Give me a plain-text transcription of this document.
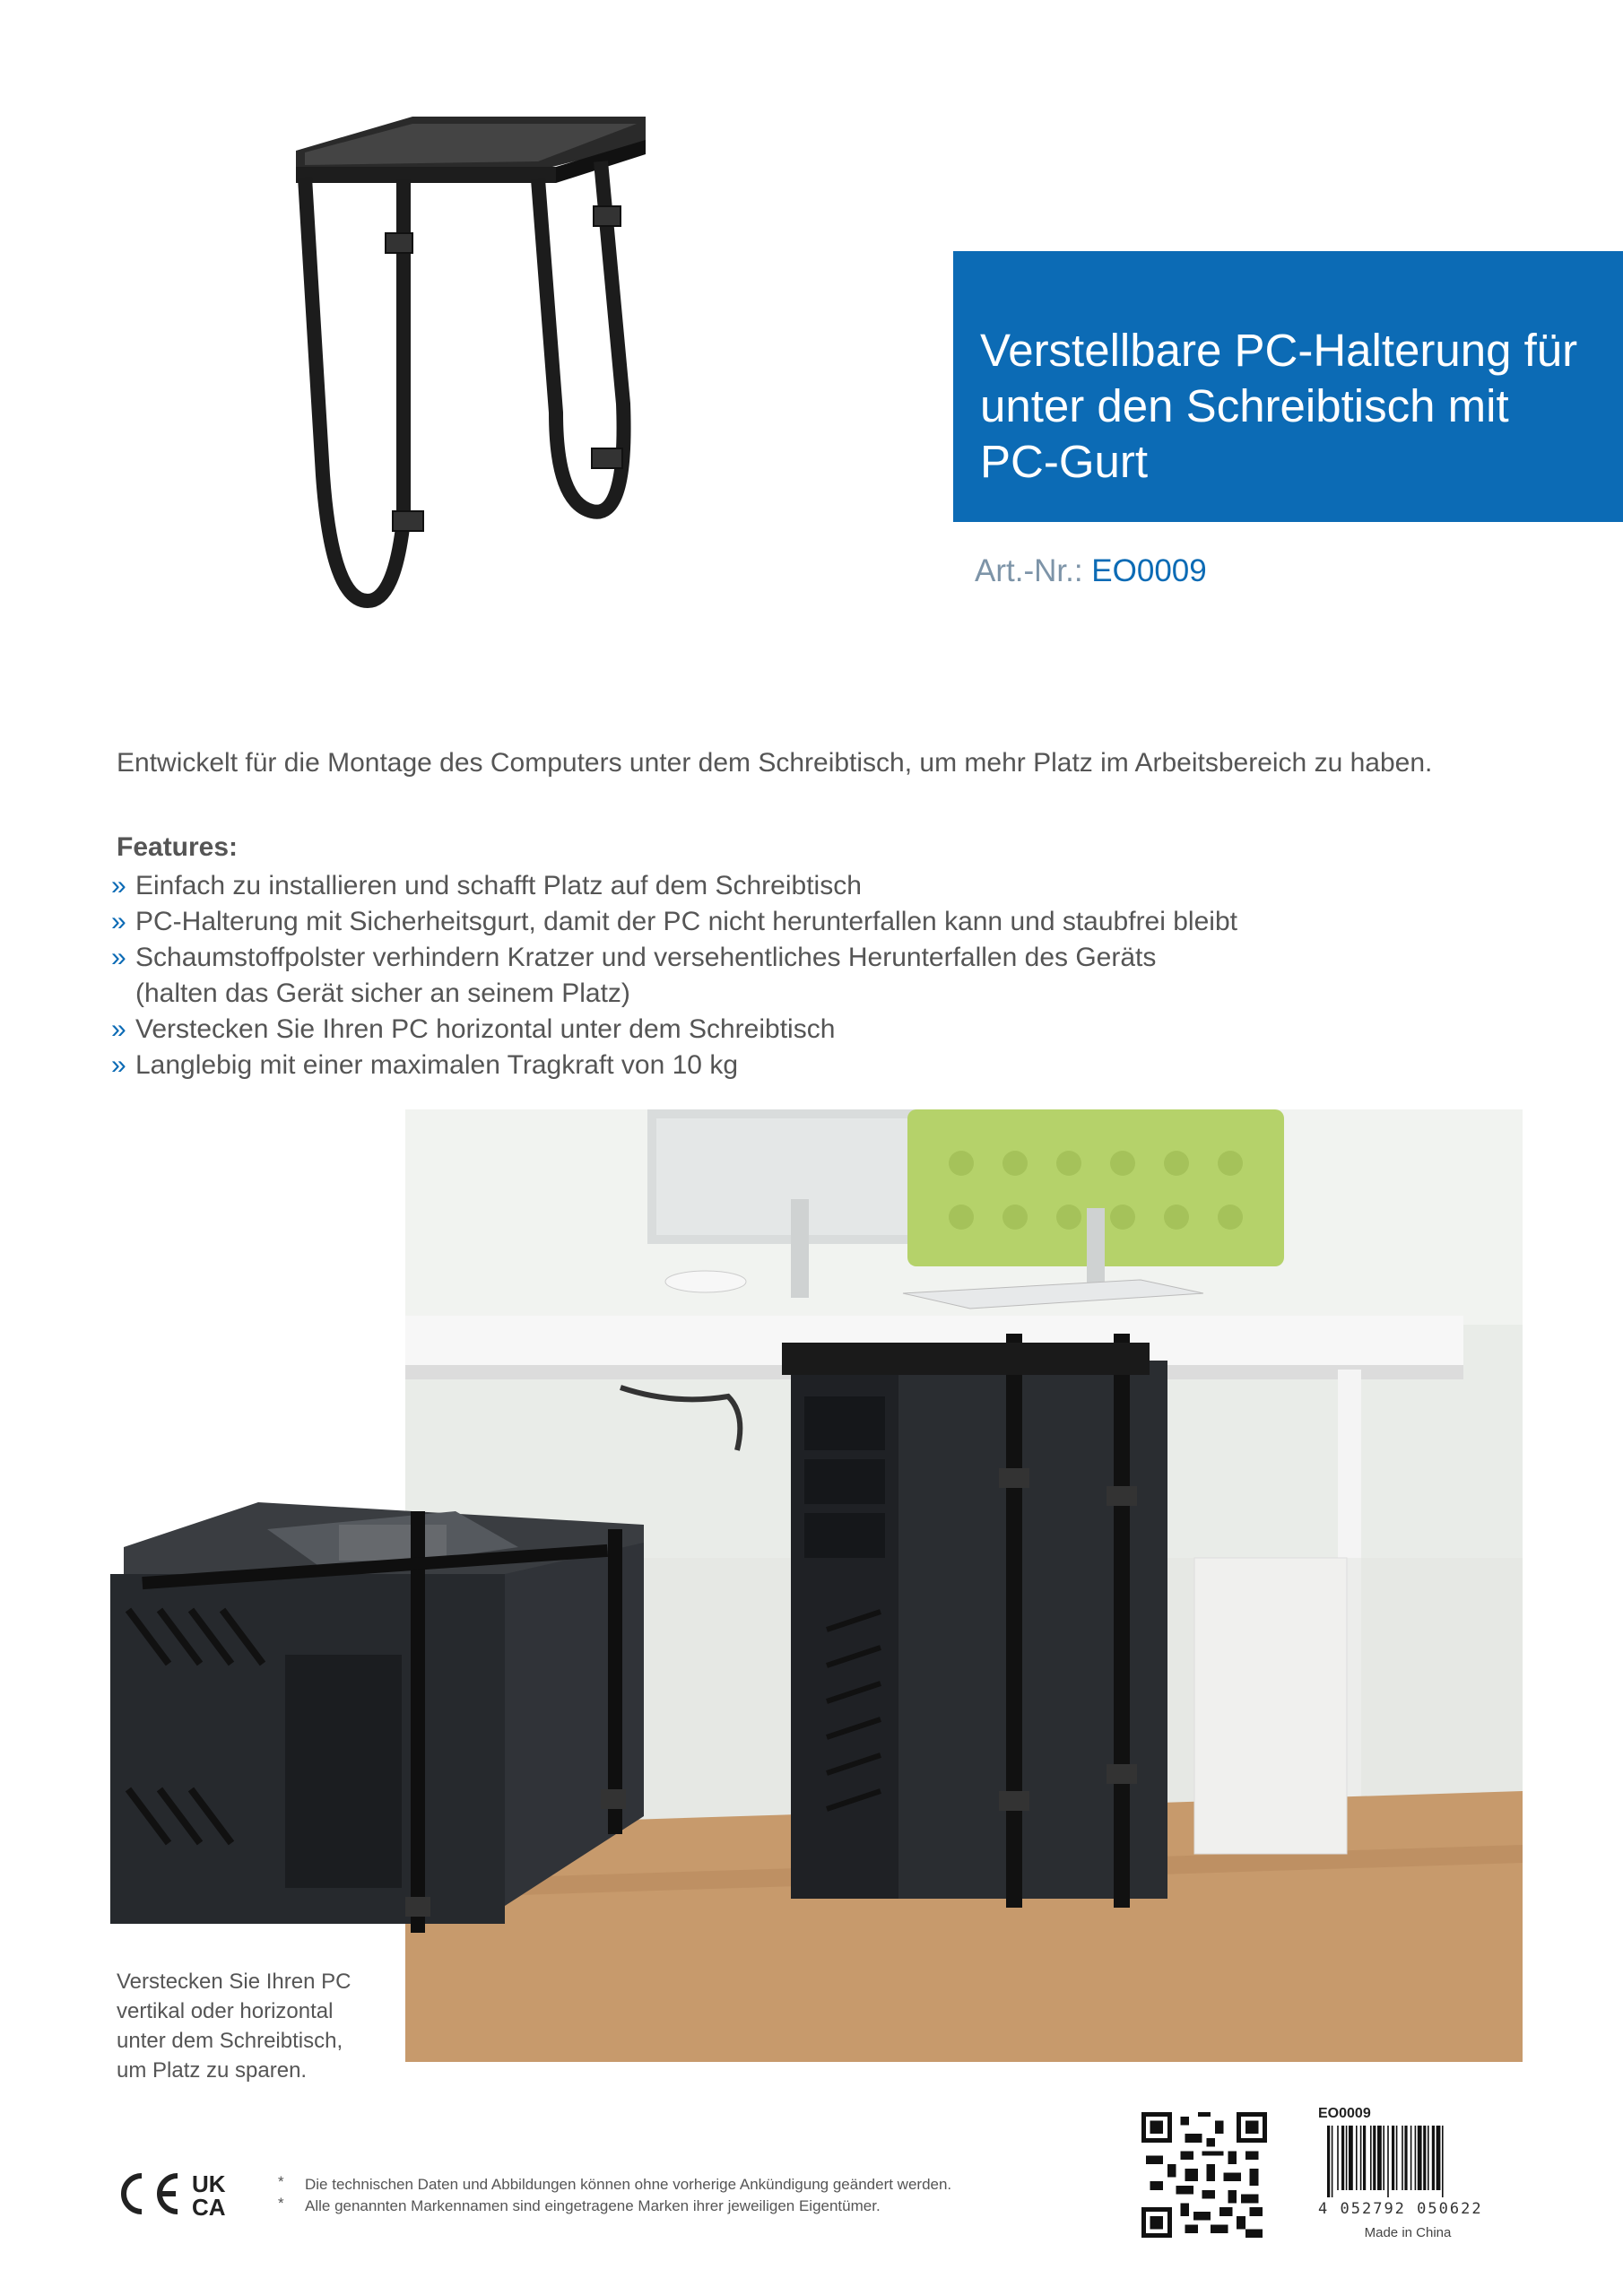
Verstellbare PC-Halterung für
unter den Schreibtisch mit
PC-Gurt
Art.-Nr.: EO0009
Entwickelt für die Montage des Computers unter dem Schreibtisch, um mehr Platz im Arbeitsbereich zu haben.
Features:
» Einfach zu installieren und schafft Platz auf dem Schreibtisch
» PC-Halterung mit Sicherheitsgurt, damit der PC nicht herunterfallen kann und staubfrei bleibt
» Schaumstoffpolster verhindern Kratzer und versehentliches Herunterfallen des Geräts
(halten das Gerät sicher an seinem Platz)
» Verstecken Sie Ihren PC horizontal unter dem Schreibtisch
» Langlebig mit einer maximalen Tragkraft von 10 kg
Verstecken Sie Ihren PC
vertikal oder horizontal
unter dem Schreibtisch,
um Platz zu sparen.
UK
CA
* Die technischen Daten und Abbildungen können ohne vorherige Ankündigung geändert werden.
* Alle genannten Markennamen sind eingetragene Marken ihrer jeweiligen Eigentümer.
EO0009
4 052792 050622
Made in China
